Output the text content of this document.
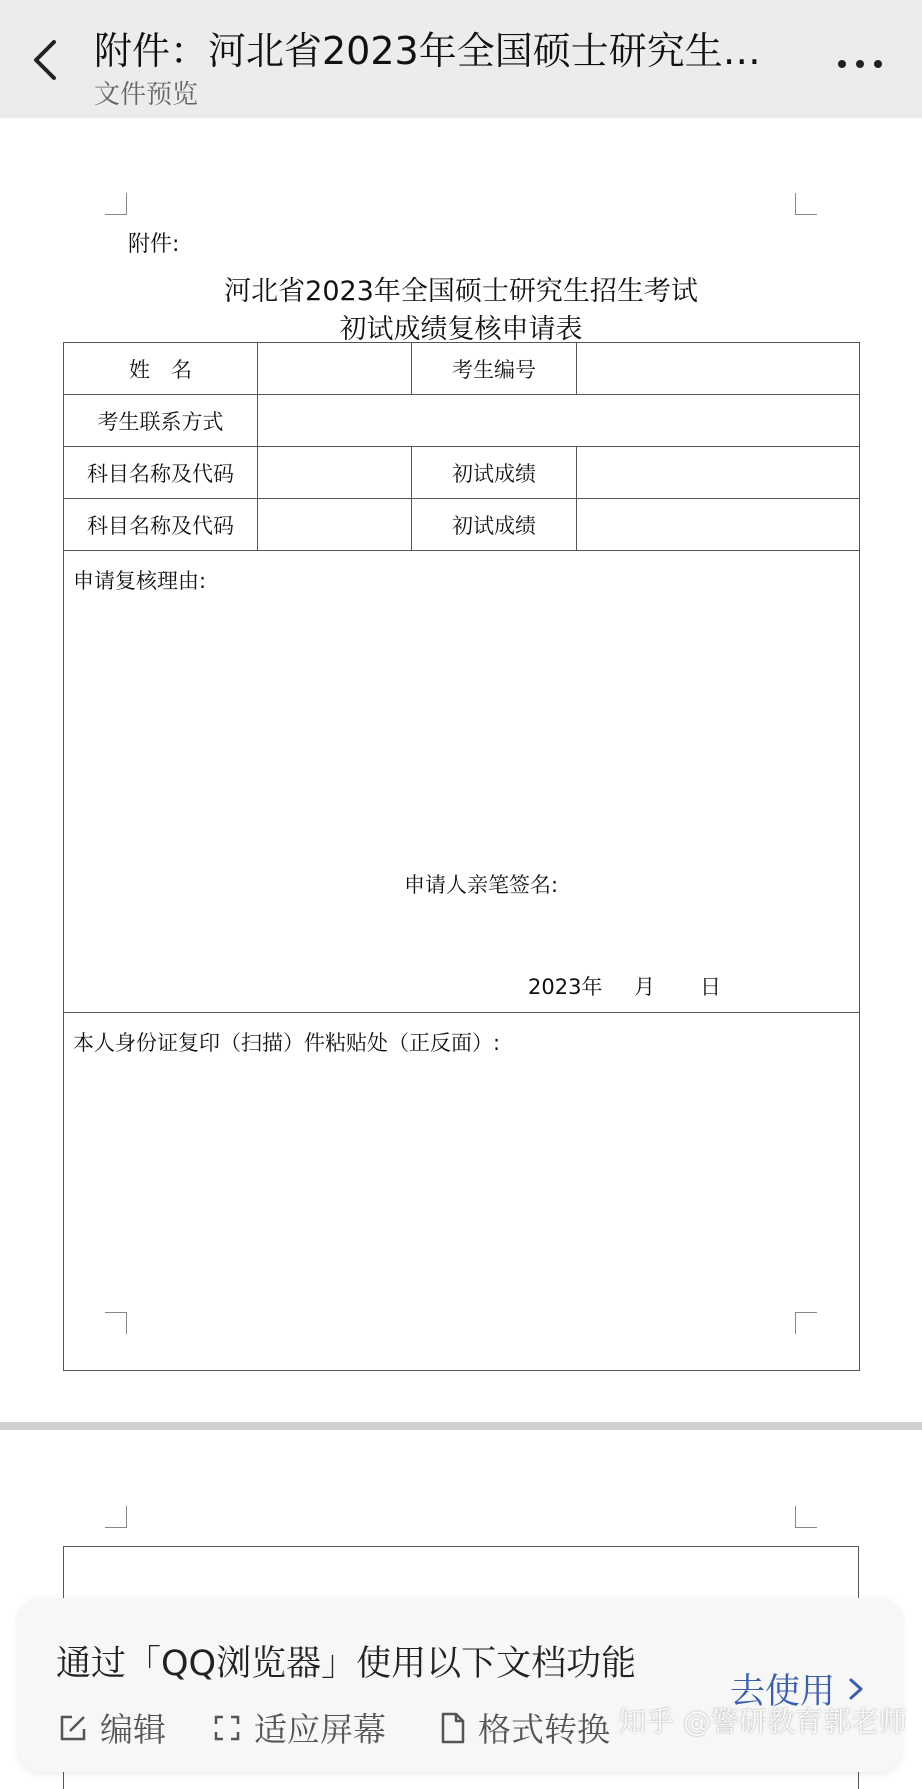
附件：河北省2023年全国硕士研究生…
文件预览
附件:
河北省2023年全国硕士研究生招生考试
初试成绩复核申请表
姓　名		考生编号	
考生联系方式			
科目名称及代码		初试成绩	
科目名称及代码		初试成绩	
申请复核理由:
申请人亲笔签名:
2023年 月 日			

本人身份证复印（扫描）件粘贴处（正反面）:			
通过「QQ浏览器」使用以下文档功能
编辑	适应屏幕	格式转换
去使用
知乎 @警研教育郭老师
